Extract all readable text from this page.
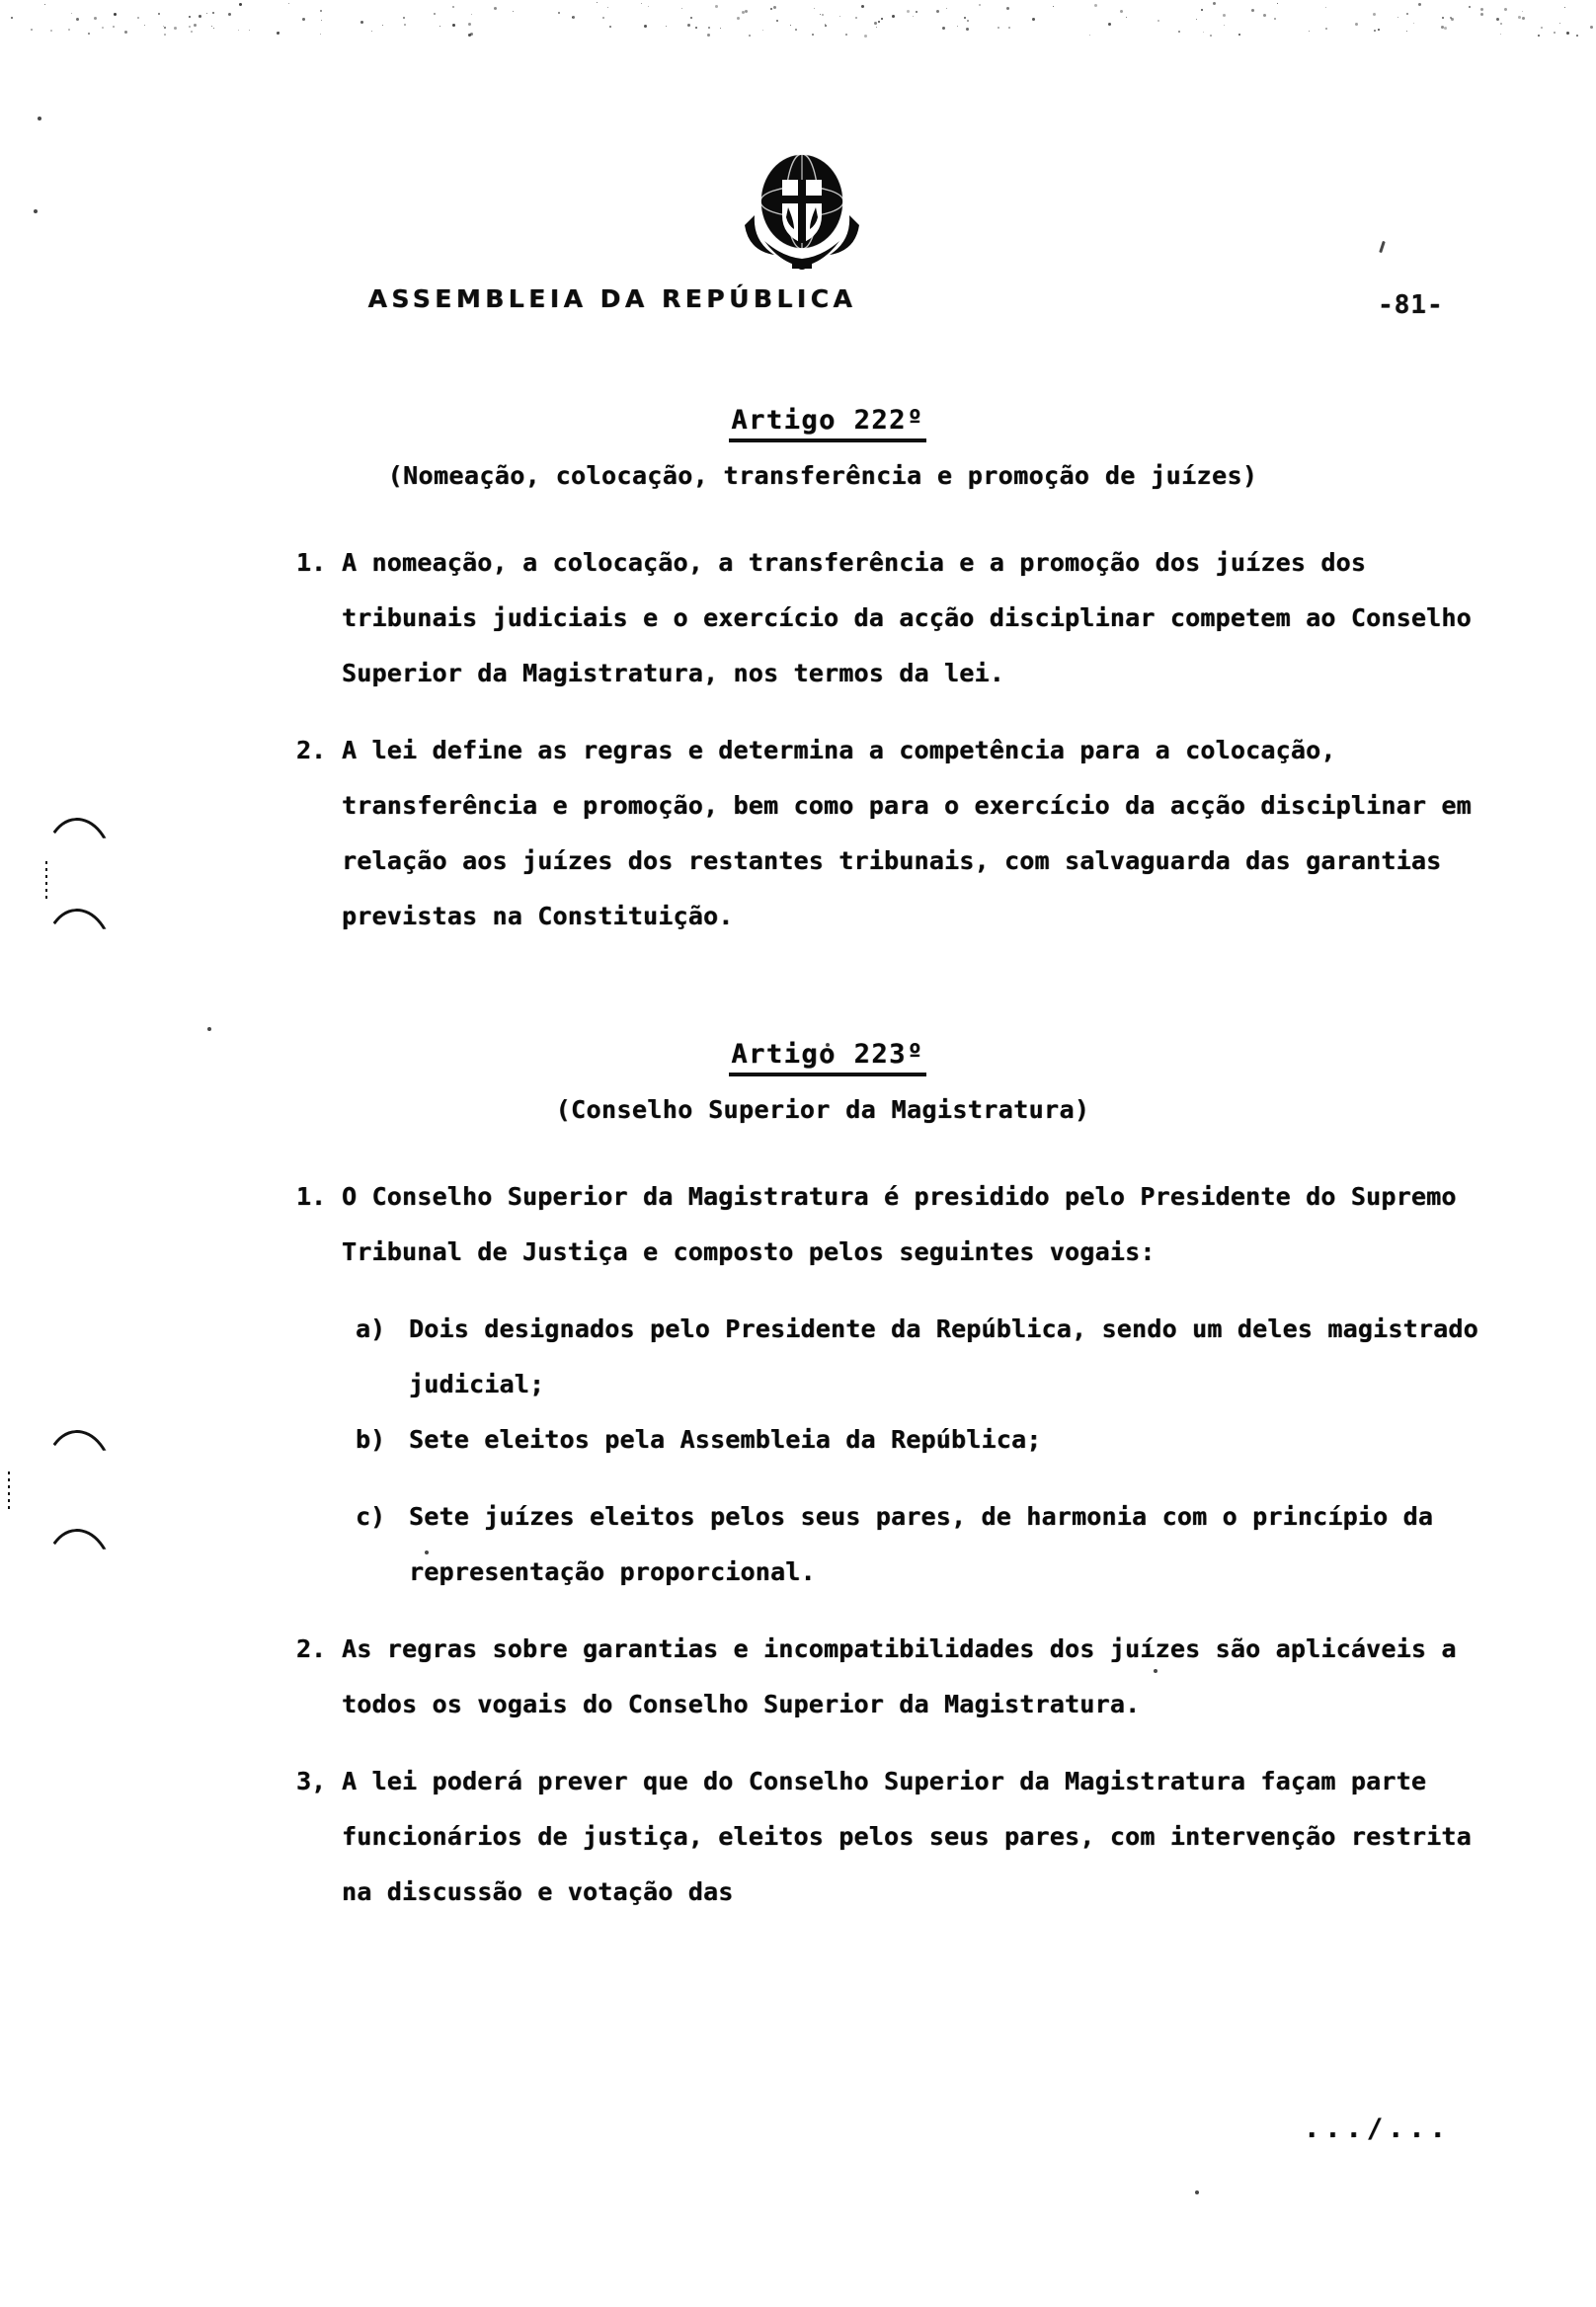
ASSEMBLEIA DA REPÚBLICA	-81-
Artigo 222º
(Nomeação, colocação, transferência e promoção de juízes)
1. A nomeação, a colocação, a transferência e a promoção dos juízes dos tribunais judiciais e o exercício da acção disciplinar competem ao Conselho Superior da Magistratura, nos termos da lei.
2. A lei define as regras e determina a competência para a colocação, transferência e promoção, bem como para o exercício da acção disciplinar em relação aos juízes dos restantes tribunais, com salvaguarda das garantias previstas na Constituição.
Artigo 223º
(Conselho Superior da Magistratura)
1. O Conselho Superior da Magistratura é presidido pelo Presidente do Supremo Tribunal de Justiça e composto pelos seguintes vogais:
a) Dois designados pelo Presidente da República, sendo um deles magistrado judicial;
b) Sete eleitos pela Assembleia da República;
c) Sete juízes eleitos pelos seus pares, de harmonia com o princípio da representação proporcional.
2. As regras sobre garantias e incompatibilidades dos juízes são aplicáveis a todos os vogais do Conselho Superior da Magistratura.
3, A lei poderá prever que do Conselho Superior da Magistratura façam parte funcionários de justiça, eleitos pelos seus pares, com intervenção restrita na discussão e votação das
.../...
